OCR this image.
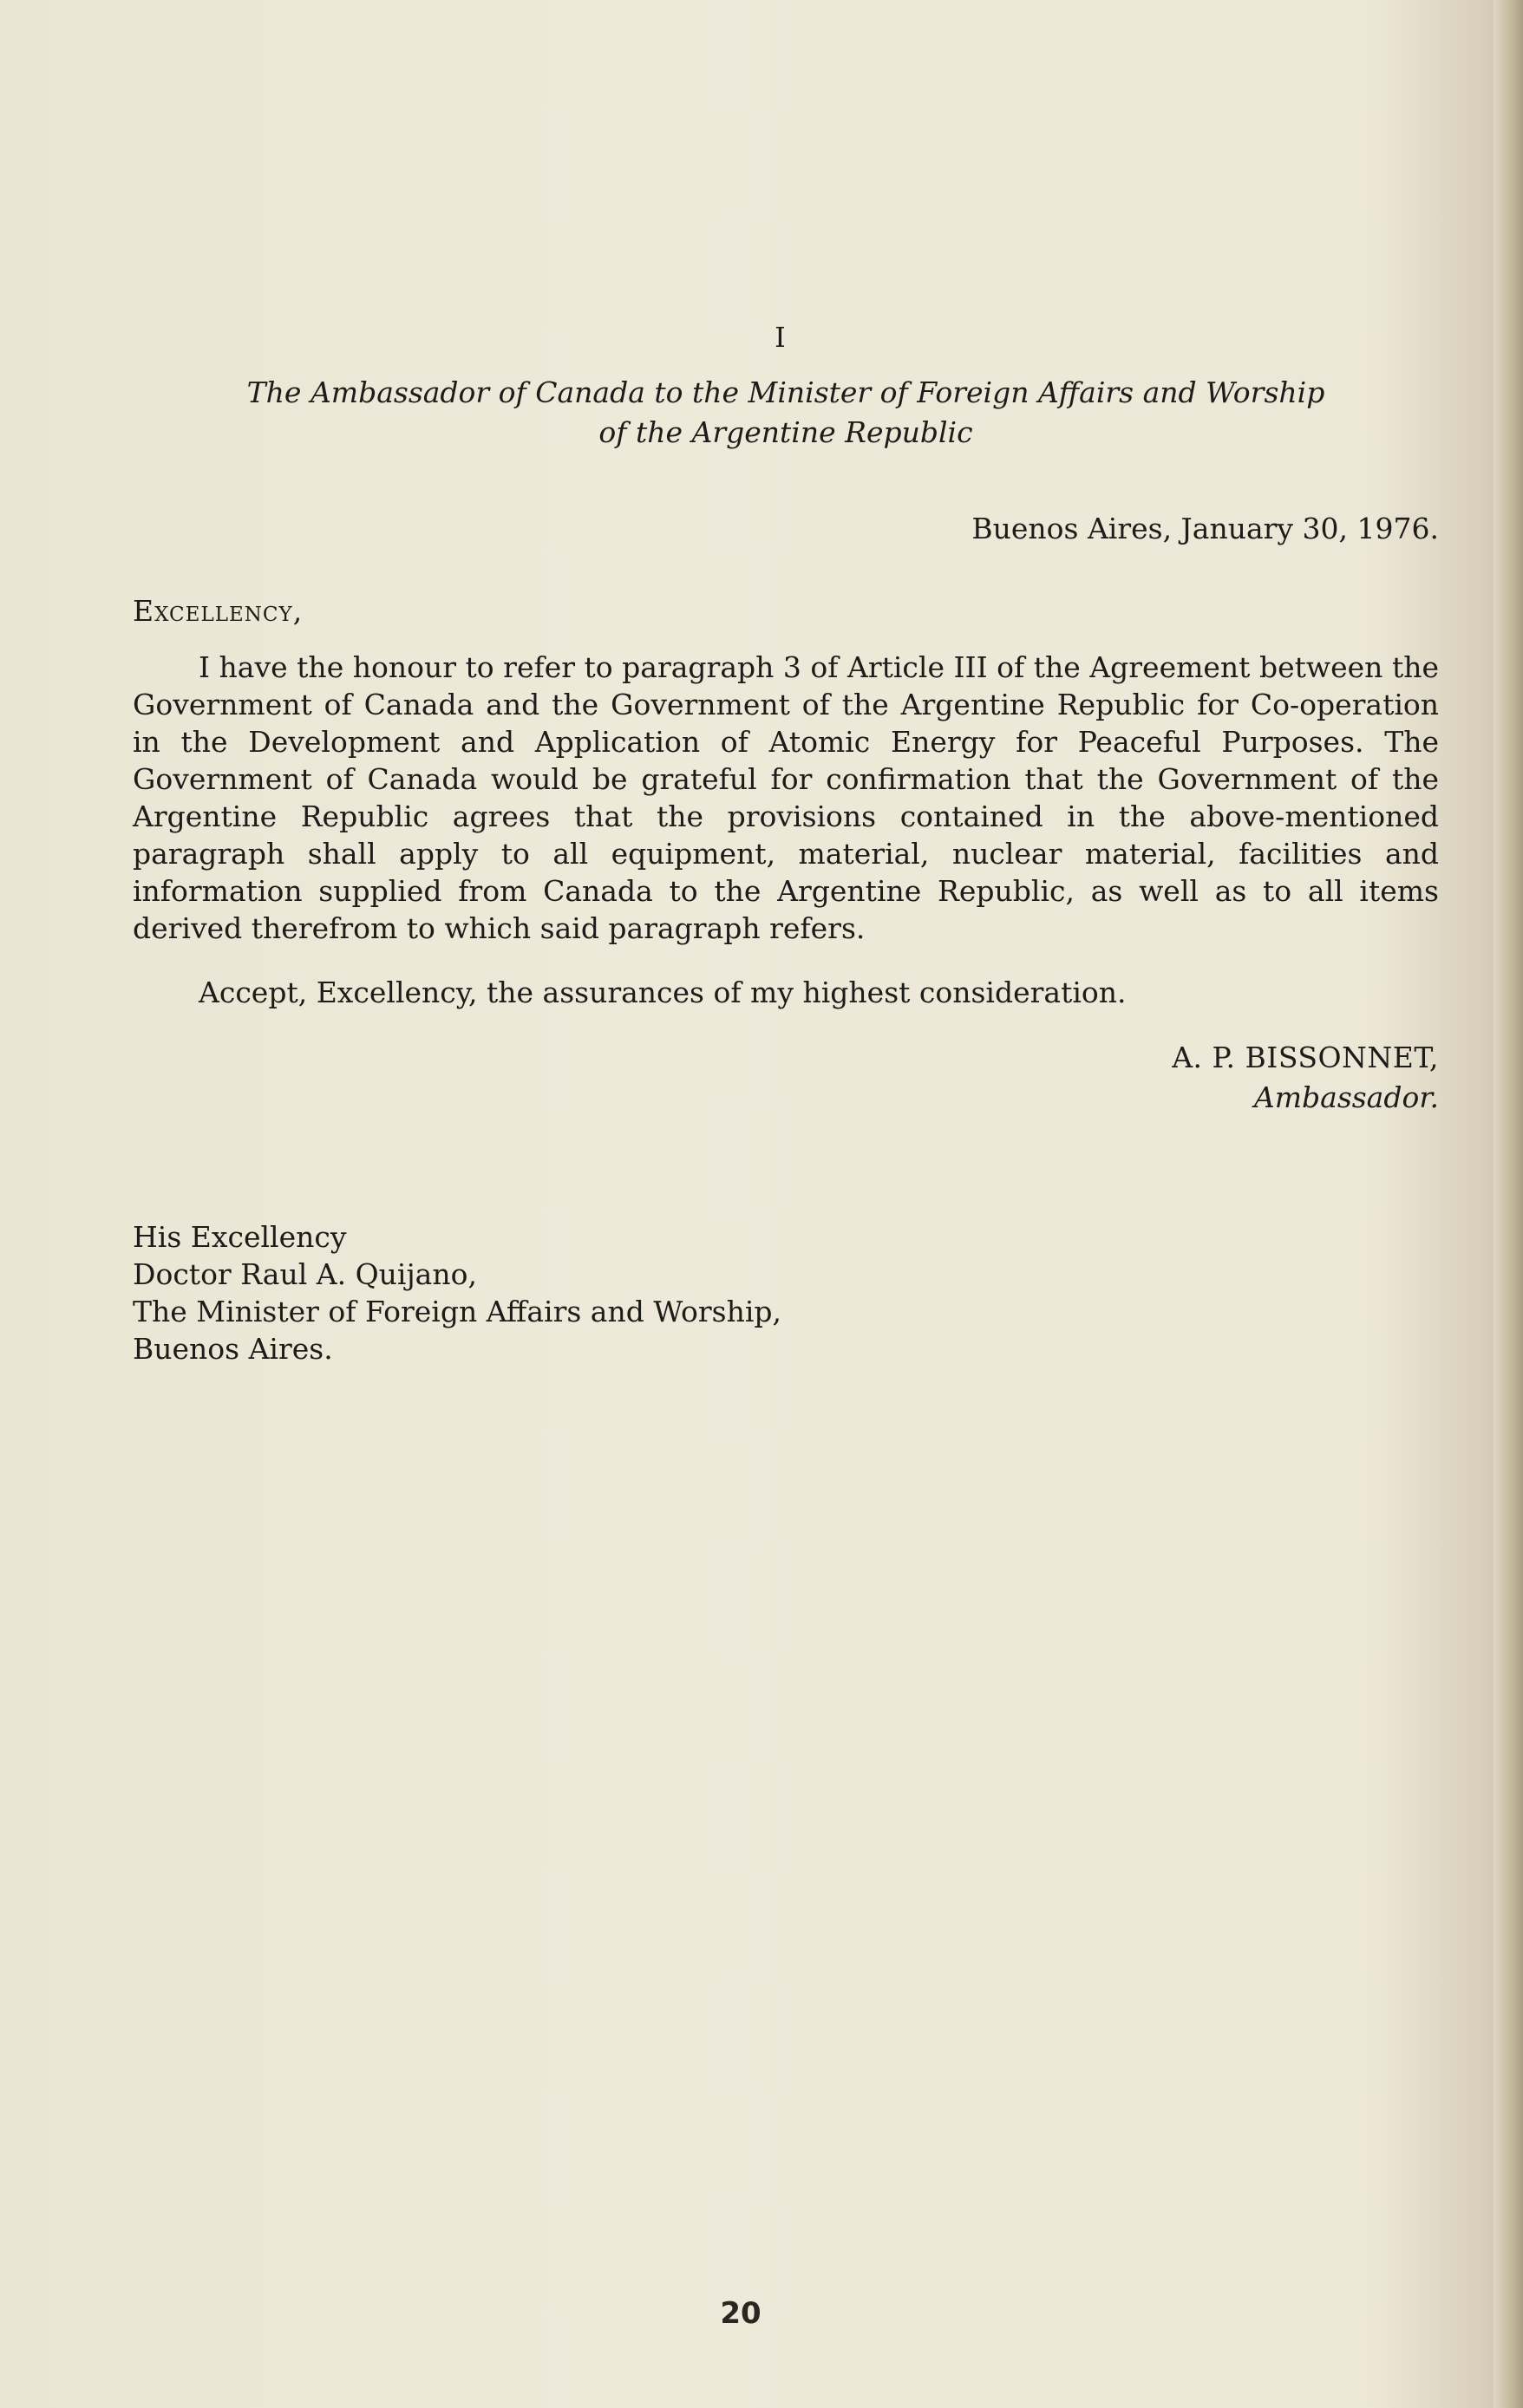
I
The Ambassador of Canada to the Minister of Foreign Affairs and Worship
of the Argentine Republic
Buenos Aires, January 30, 1976.
Excellency,

I have the honour to refer to paragraph 3 of Article III of the Agreement between the Government of Canada and the Government of the Argentine Republic for Co-operation in the Development and Application of Atomic Energy for Peaceful Purposes. The Government of Canada would be grateful for confirmation that the Government of the Argentine Republic agrees that the provisions contained in the above-mentioned paragraph shall apply to all equipment, material, nuclear material, facilities and information supplied from Canada to the Argentine Republic, as well as to all items derived therefrom to which said paragraph refers.

Accept, Excellency, the assurances of my highest consideration.

A. P. BISSONNET,
Ambassador.
His Excellency
Doctor Raul A. Quijano,
The Minister of Foreign Affairs and Worship,
Buenos Aires.
20
